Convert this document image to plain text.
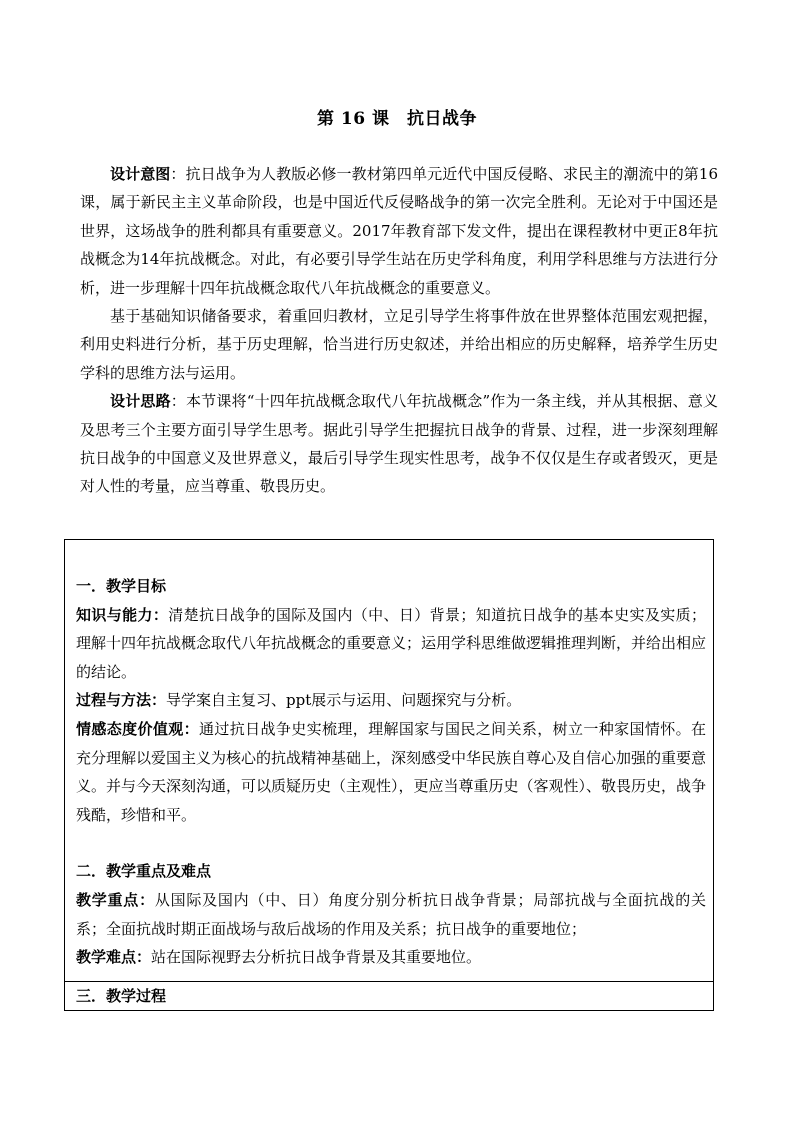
第 16 课　抗日战争

设计意图：抗日战争为人教版必修一教材第四单元近代中国反侵略、求民主的潮流中的第16课，属于新民主主义革命阶段，也是中国近代反侵略战争的第一次完全胜利。无论对于中国还是世界，这场战争的胜利都具有重要意义。2017年教育部下发文件，提出在课程教材中更正8年抗战概念为14年抗战概念。对此，有必要引导学生站在历史学科角度，利用学科思维与方法进行分析，进一步理解十四年抗战概念取代八年抗战概念的重要意义。

基于基础知识储备要求，着重回归教材，立足引导学生将事件放在世界整体范围宏观把握，利用史料进行分析，基于历史理解，恰当进行历史叙述，并给出相应的历史解释，培养学生历史学科的思维方法与运用。

设计思路：本节课将“十四年抗战概念取代八年抗战概念”作为一条主线，并从其根据、意义及思考三个主要方面引导学生思考。据此引导学生把握抗日战争的背景、过程，进一步深刻理解抗日战争的中国意义及世界意义，最后引导学生现实性思考，战争不仅仅是生存或者毁灭，更是对人性的考量，应当尊重、敬畏历史。

一．教学目标

知识与能力：清楚抗日战争的国际及国内（中、日）背景；知道抗日战争的基本史实及实质；理解十四年抗战概念取代八年抗战概念的重要意义；运用学科思维做逻辑推理判断，并给出相应的结论。

过程与方法：导学案自主复习、ppt展示与运用、问题探究与分析。

情感态度价值观：通过抗日战争史实梳理，理解国家与国民之间关系，树立一种家国情怀。在充分理解以爱国主义为核心的抗战精神基础上，深刻感受中华民族自尊心及自信心加强的重要意义。并与今天深刻沟通，可以质疑历史（主观性），更应当尊重历史（客观性）、敬畏历史，战争残酷，珍惜和平。

二．教学重点及难点

教学重点：从国际及国内（中、日）角度分别分析抗日战争背景；局部抗战与全面抗战的关系；全面抗战时期正面战场与敌后战场的作用及关系；抗日战争的重要地位；

教学难点：站在国际视野去分析抗日战争背景及其重要地位。

三．教学过程
